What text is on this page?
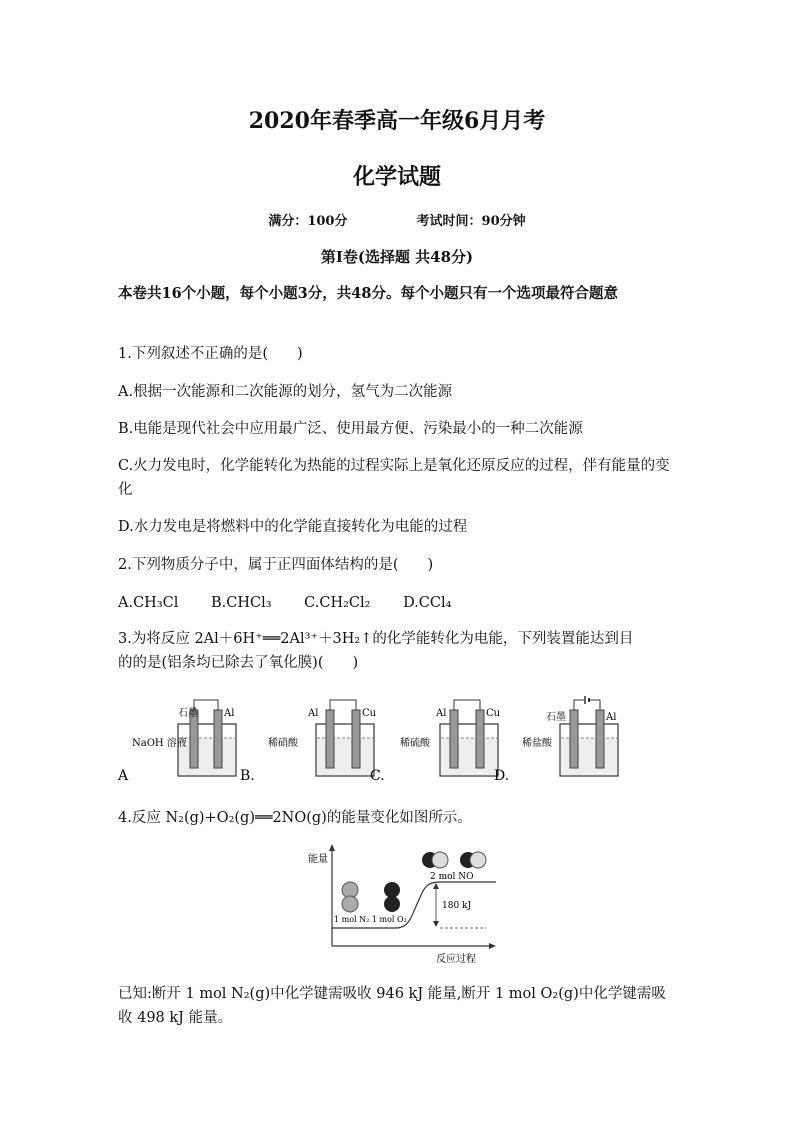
2020年春季高一年级6月月考
化学试题
满分：100分	考试时间：90分钟
第Ⅰ卷(选择题 共48分)
本卷共16个小题，每个小题3分，共48分。每个小题只有一个选项最符合题意
1.下列叙述不正确的是(　　)
A.根据一次能源和二次能源的划分，氢气为二次能源
B.电能是现代社会中应用最广泛、使用最方便、污染最小的一种二次能源
C.火力发电时，化学能转化为热能的过程实际上是氧化还原反应的过程，伴有能量的变化
D.水力发电是将燃料中的化学能直接转化为电能的过程
2.下列物质分子中，属于正四面体结构的是(　　)
A.CH₃Cl B.CHCl₃ C.CH₂Cl₂ D.CCl₄
3.为将反应 2Al＋6H⁺══2Al³⁺＋3H₂↑的化学能转化为电能，下列装置能达到目
的的是(铝条均已除去了氧化膜)(　　)
石墨	Al
NaOH 溶液
A
Al	Cu
稀硝酸
B.
Al	Cu
稀硫酸
C.
石墨	Al
稀盐酸
D.
4.反应 N₂(g)+O₂(g)══2NO(g)的能量变化如图所示。
能量
反应过程
180 kJ
1 mol N₂ 1 mol O₂
2 mol NO
已知:断开 1 mol N₂(g)中化学键需吸收 946 kJ 能量,断开 1 mol O₂(g)中化学键需吸
收 498 kJ 能量。
